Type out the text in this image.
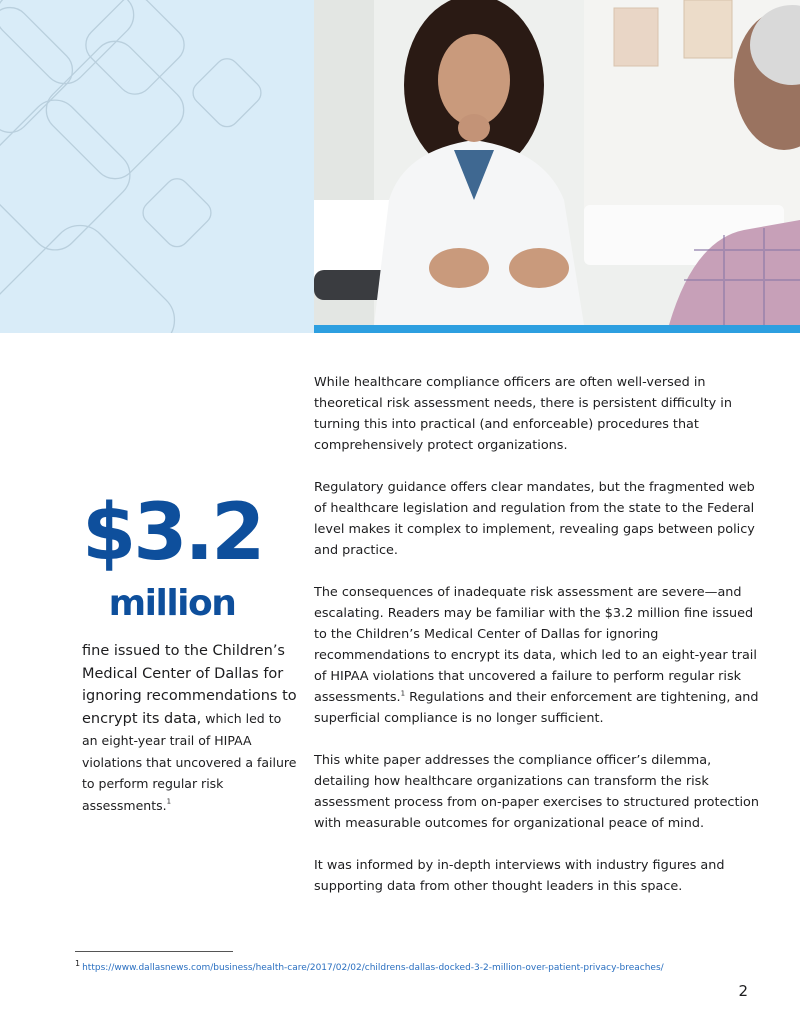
$3.2
million
fine issued to the Children’s Medical Center of Dallas for ignoring recommendations to encrypt its data, which led to an eight-year trail of HIPAA violations that uncovered a failure to perform regular risk assessments.$^1$

While healthcare compliance officers are often well-versed in theoretical risk assessment needs, there is persistent difficulty in turning this into practical (and enforceable) procedures that comprehensively protect organizations.

Regulatory guidance offers clear mandates, but the fragmented web of healthcare legislation and regulation from the state to the Federal level makes it complex to implement, revealing gaps between policy and practice.

The consequences of inadequate risk assessment are severe—and escalating. Readers may be familiar with the $3.2 million fine issued to the Children’s Medical Center of Dallas for ignoring recommendations to encrypt its data, which led to an eight-year trail of HIPAA violations that uncovered a failure to perform regular risk assessments.$^1$ Regulations and their enforcement are tightening, and superficial compliance is no longer sufficient.

This white paper addresses the compliance officer’s dilemma, detailing how healthcare organizations can transform the risk assessment process from on-paper exercises to structured protection with measurable outcomes for organizational peace of mind.

It was informed by in-depth interviews with industry figures and supporting data from other thought leaders in this space.

1 https://www.dallasnews.com/business/health-care/2017/02/02/childrens-dallas-docked-3-2-million-over-patient-privacy-breaches/
2
